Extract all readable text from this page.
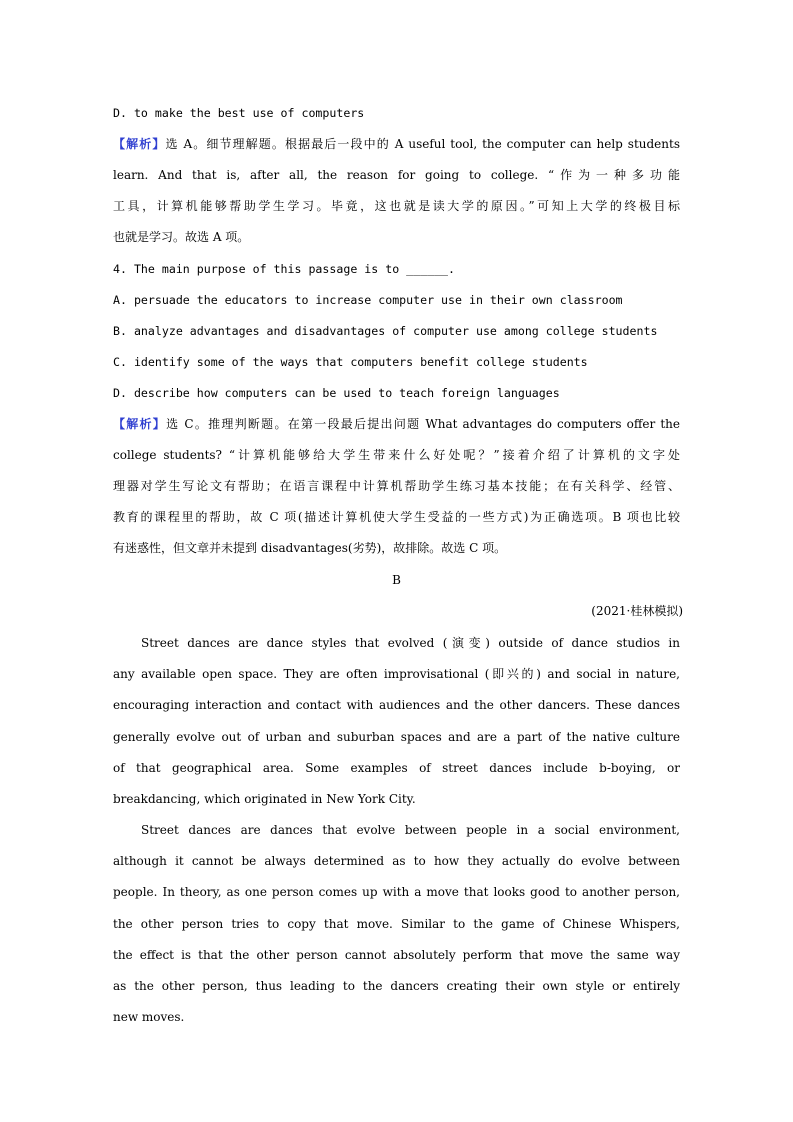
D. to make the best use of computers

【解析】选 A。细节理解题。根据最后一段中的 A useful tool, the computer can help students

learn. And that is, after all, the reason for going to college. “作为一种多功能

工具，计算机能够帮助学生学习。毕竟，这也就是读大学的原因。”可知上大学的终极目标

也就是学习。故选 A 项。

4. The main purpose of this passage is to ______.

A. persuade the educators to increase computer use in their own classroom

B. analyze advantages and disadvantages of computer use among college students

C. identify some of the ways that computers benefit college students

D. describe how computers can be used to teach foreign languages

【解析】选 C。推理判断题。在第一段最后提出问题 What advantages do computers offer the

college students? “计算机能够给大学生带来什么好处呢？”接着介绍了计算机的文字处

理器对学生写论文有帮助；在语言课程中计算机帮助学生练习基本技能；在有关科学、经管、

教育的课程里的帮助，故 C 项(描述计算机使大学生受益的一些方式)为正确选项。B 项也比较

有迷惑性，但文章并未提到 disadvantages(劣势)，故排除。故选 C 项。

B

(2021·桂林模拟)

Street dances are dance styles that evolved (演变) outside of dance studios in

any available open space. They are often improvisational (即兴的) and social in nature,

encouraging interaction and contact with audiences and the other dancers. These dances

generally evolve out of urban and suburban spaces and are a part of the native culture

of that geographical area. Some examples of street dances include b-boying, or

breakdancing, which originated in New York City.

Street dances are dances that evolve between people in a social environment,

although it cannot be always determined as to how they actually do evolve between

people. In theory, as one person comes up with a move that looks good to another person,

the other person tries to copy that move. Similar to the game of Chinese Whispers,

the effect is that the other person cannot absolutely perform that move the same way

as the other person, thus leading to the dancers creating their own style or entirely

new moves.
